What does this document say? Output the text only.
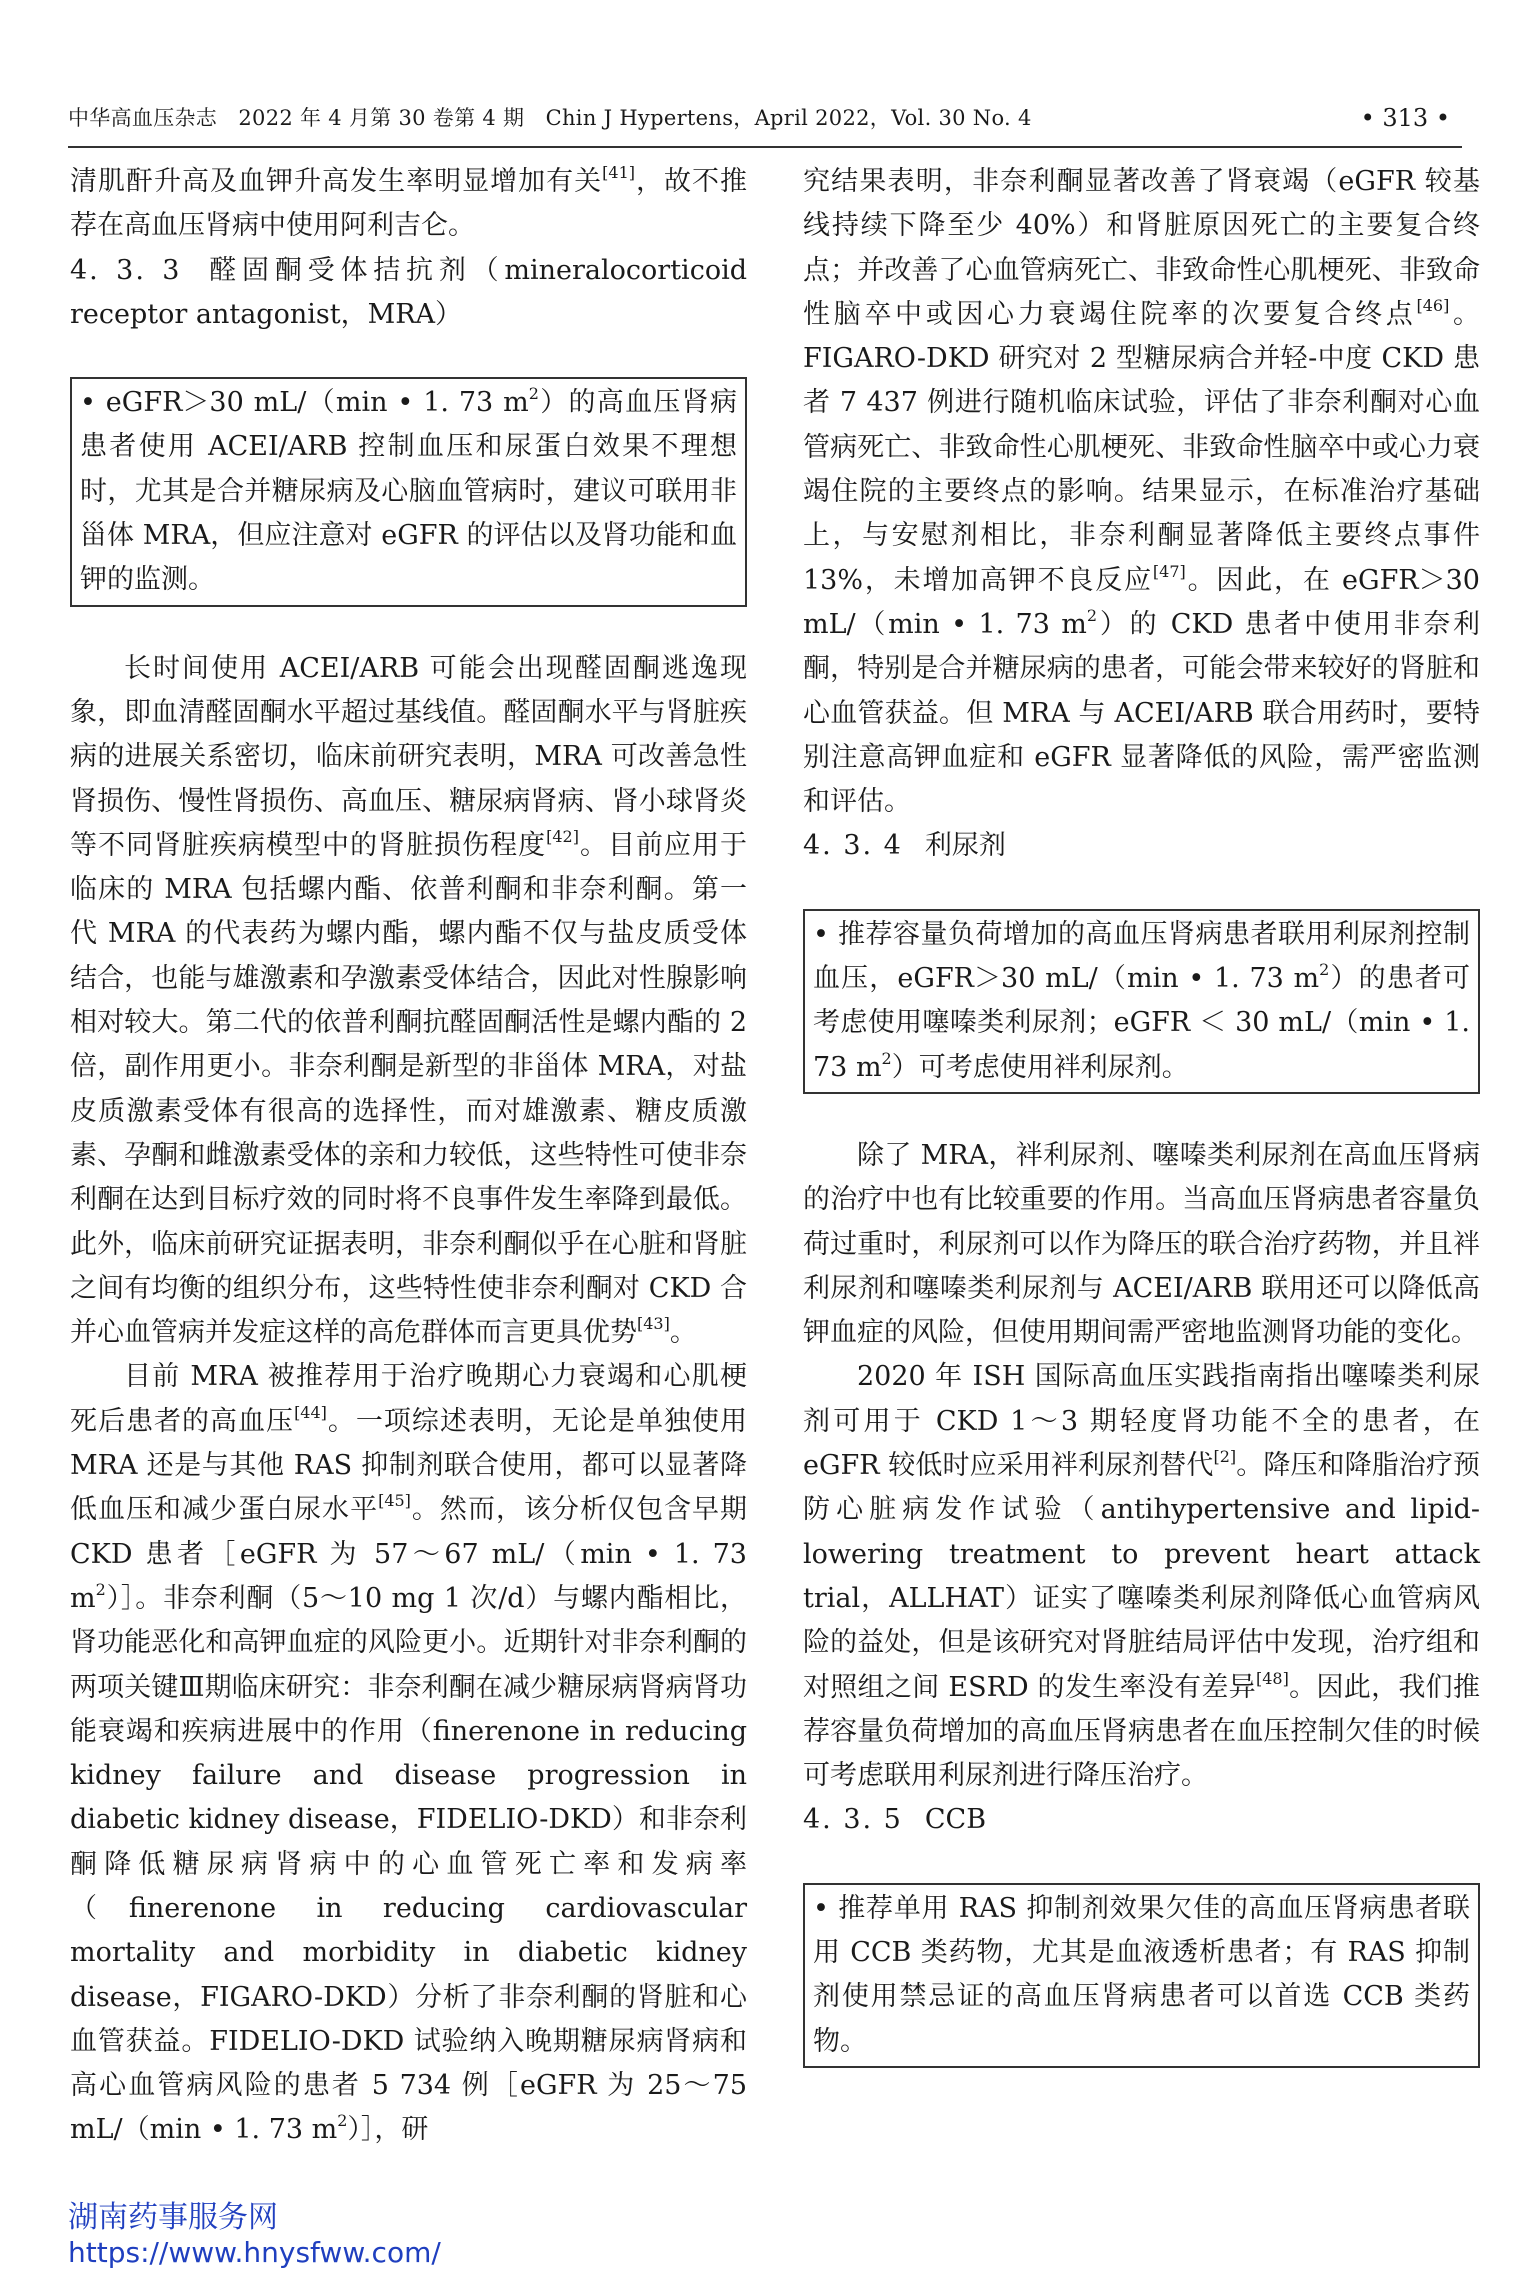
中华高血压杂志　2022 年 4 月第 30 卷第 4 期　Chin J Hypertens，April 2022，Vol. 30 No. 4	• 313 •

清肌酐升高及血钾升高发生率明显增加有关[41]，故不推荐在高血压肾病中使用阿利吉仑。

4. 3. 3 醛固酮受体拮抗剂（mineralocorticoid receptor antagonist，MRA）

• eGFR＞30 mL/（min • 1. 73 $m^2$）的高血压肾病患者使用 ACEI/ARB 控制血压和尿蛋白效果不理想时，尤其是合并糖尿病及心脑血管病时，建议可联用非甾体 MRA，但应注意对 eGFR 的评估以及肾功能和血钾的监测。

长时间使用 ACEI/ARB 可能会出现醛固酮逃逸现象，即血清醛固酮水平超过基线值。醛固酮水平与肾脏疾病的进展关系密切，临床前研究表明，MRA 可改善急性肾损伤、慢性肾损伤、高血压、糖尿病肾病、肾小球肾炎等不同肾脏疾病模型中的肾脏损伤程度[42]。目前应用于临床的 MRA 包括螺内酯、依普利酮和非奈利酮。第一代 MRA 的代表药为螺内酯，螺内酯不仅与盐皮质受体结合，也能与雄激素和孕激素受体结合，因此对性腺影响相对较大。第二代的依普利酮抗醛固酮活性是螺内酯的 2 倍，副作用更小。非奈利酮是新型的非甾体 MRA，对盐皮质激素受体有很高的选择性，而对雄激素、糖皮质激素、孕酮和雌激素受体的亲和力较低，这些特性可使非奈利酮在达到目标疗效的同时将不良事件发生率降到最低。此外，临床前研究证据表明，非奈利酮似乎在心脏和肾脏之间有均衡的组织分布，这些特性使非奈利酮对 CKD 合并心血管病并发症这样的高危群体而言更具优势[43]。

目前 MRA 被推荐用于治疗晚期心力衰竭和心肌梗死后患者的高血压[44]。一项综述表明，无论是单独使用 MRA 还是与其他 RAS 抑制剂联合使用，都可以显著降低血压和减少蛋白尿水平[45]。然而，该分析仅包含早期 CKD 患者［eGFR 为 57～67 mL/（min • 1. 73 $m^2)]$。非奈利酮（5～10 mg 1 次/d）与螺内酯相比，肾功能恶化和高钾血症的风险更小。近期针对非奈利酮的两项关键Ⅲ期临床研究：非奈利酮在减少糖尿病肾病肾功能衰竭和疾病进展中的作用（finerenone in reducing kidney failure and disease progression in diabetic kidney disease，FIDELIO-DKD）和非奈利酮降低糖尿病肾病中的心血管死亡率和发病率（finerenone in reducing cardiovascular mortality and morbidity in diabetic kidney disease，FIGARO-DKD）分析了非奈利酮的肾脏和心血管获益。FIDELIO-DKD 试验纳入晚期糖尿病肾病和高心血管病风险的患者 5 734 例［eGFR 为 25～75 mL/（min • 1. 73 $m^2)]$，研

究结果表明，非奈利酮显著改善了肾衰竭（eGFR 较基线持续下降至少 40%）和肾脏原因死亡的主要复合终点；并改善了心血管病死亡、非致命性心肌梗死、非致命性脑卒中或因心力衰竭住院率的次要复合终点[46]。FIGARO-DKD 研究对 2 型糖尿病合并轻-中度 CKD 患者 7 437 例进行随机临床试验，评估了非奈利酮对心血管病死亡、非致命性心肌梗死、非致命性脑卒中或心力衰竭住院的主要终点的影响。结果显示，在标准治疗基础上，与安慰剂相比，非奈利酮显著降低主要终点事件 13%，未增加高钾不良反应[47]。因此，在 eGFR＞30 mL/（min • 1. 73 $m^2$）的 CKD 患者中使用非奈利酮，特别是合并糖尿病的患者，可能会带来较好的肾脏和心血管获益。但 MRA 与 ACEI/ARB 联合用药时，要特别注意高钾血症和 eGFR 显著降低的风险，需严密监测和评估。

4. 3. 4 利尿剂

• 推荐容量负荷增加的高血压肾病患者联用利尿剂控制血压，eGFR＞30 mL/（min • 1. 73 $m^2$）的患者可考虑使用噻嗪类利尿剂；eGFR ＜ 30 mL/（min • 1. 73 $m^2$）可考虑使用袢利尿剂。

除了 MRA，袢利尿剂、噻嗪类利尿剂在高血压肾病的治疗中也有比较重要的作用。当高血压肾病患者容量负荷过重时，利尿剂可以作为降压的联合治疗药物，并且袢利尿剂和噻嗪类利尿剂与 ACEI/ARB 联用还可以降低高钾血症的风险，但使用期间需严密地监测肾功能的变化。

2020 年 ISH 国际高血压实践指南指出噻嗪类利尿剂可用于 CKD 1～3 期轻度肾功能不全的患者，在 eGFR 较低时应采用袢利尿剂替代[2]。降压和降脂治疗预防心脏病发作试验（antihypertensive and lipid-lowering treatment to prevent heart attack trial，ALLHAT）证实了噻嗪类利尿剂降低心血管病风险的益处，但是该研究对肾脏结局评估中发现，治疗组和对照组之间 ESRD 的发生率没有差异[48]。因此，我们推荐容量负荷增加的高血压肾病患者在血压控制欠佳的时候可考虑联用利尿剂进行降压治疗。

4. 3. 5 CCB

• 推荐单用 RAS 抑制剂效果欠佳的高血压肾病患者联用 CCB 类药物，尤其是血液透析患者；有 RAS 抑制剂使用禁忌证的高血压肾病患者可以首选 CCB 类药物。

湖南药事服务网
https://www.hnysfww.com/
